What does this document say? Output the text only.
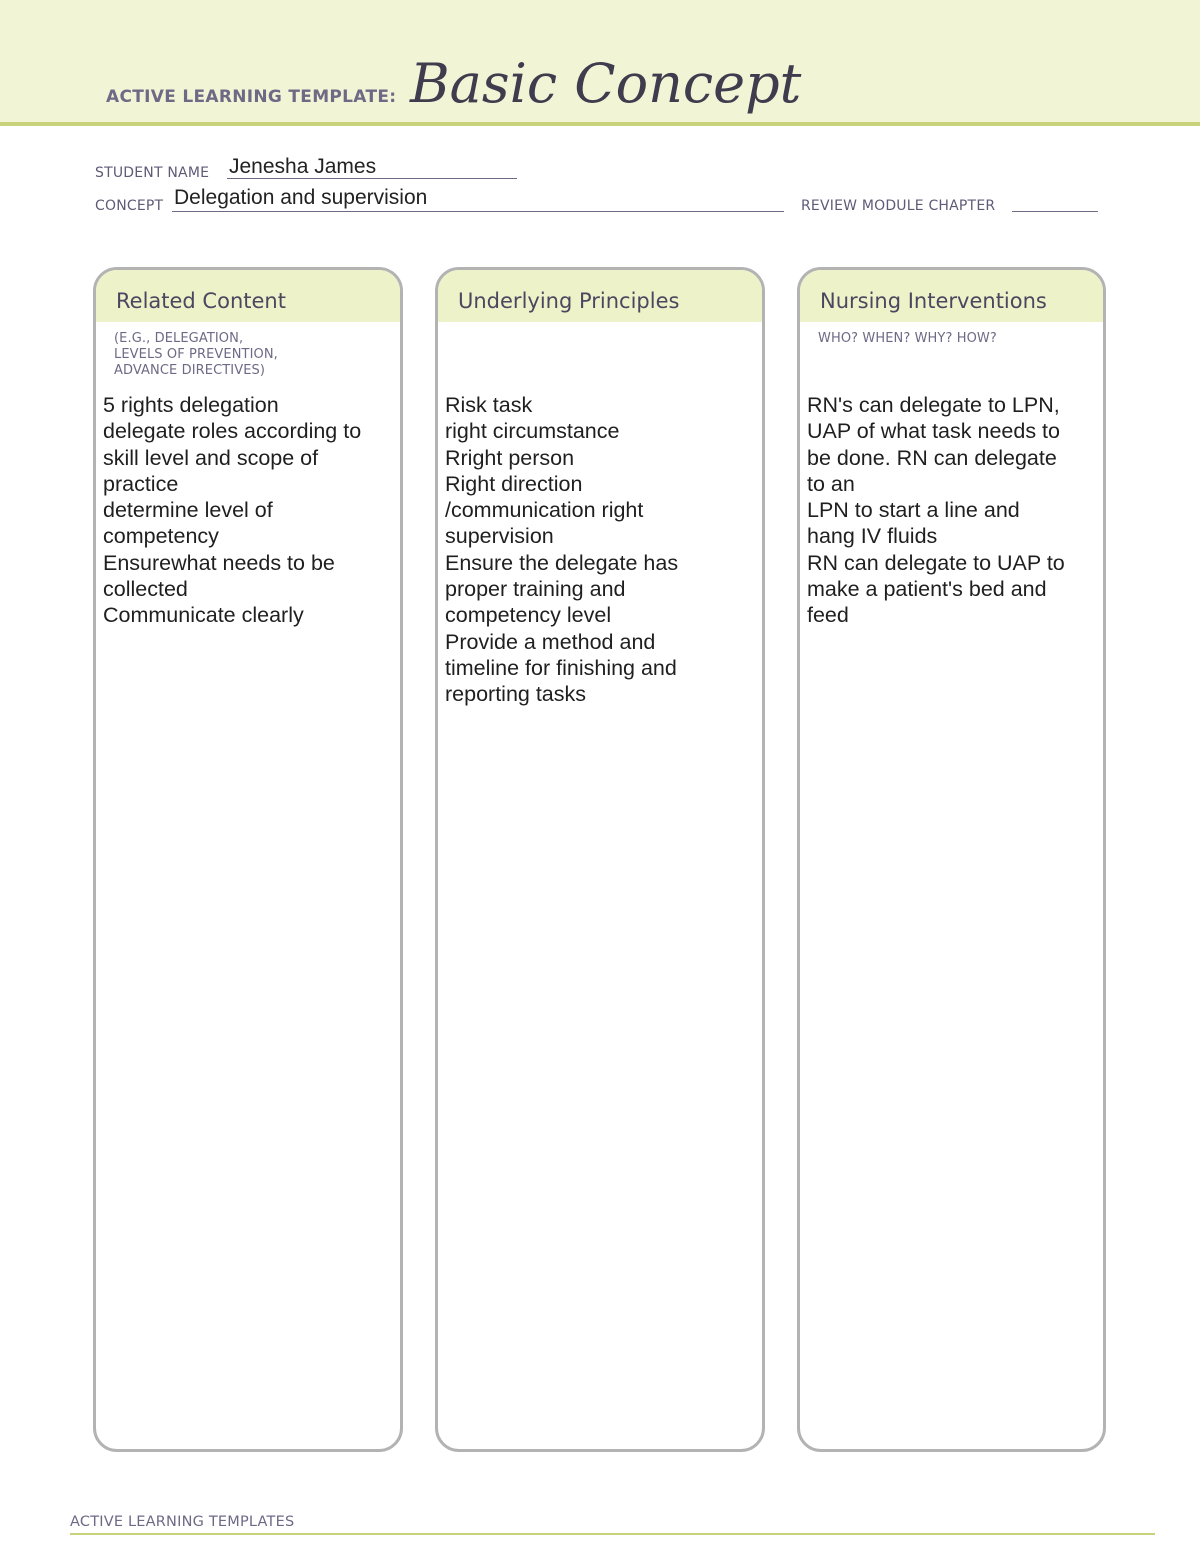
ACTIVE LEARNING TEMPLATE: Basic Concept
STUDENT NAME Jenesha James
CONCEPT Delegation and supervision	REVIEW MODULE CHAPTER
Related Content
(E.G., DELEGATION,
LEVELS OF PREVENTION,
ADVANCE DIRECTIVES)
5 rights delegation
delegate roles according to
skill level and scope of
practice
determine level of
competency
Ensurewhat needs to be
collected
Communicate clearly
Underlying Principles
Risk task
right circumstance
Rright person
Right direction
/communication right
supervision
Ensure the delegate has
proper training and
competency level
Provide a method and
timeline for finishing and
reporting tasks
Nursing Interventions
WHO? WHEN? WHY? HOW?
RN's can delegate to LPN,
UAP of what task needs to
be done. RN can delegate
to an
LPN to start a line and
hang IV fluids
RN can delegate to UAP to
make a patient's bed and
feed
ACTIVE LEARNING TEMPLATES
